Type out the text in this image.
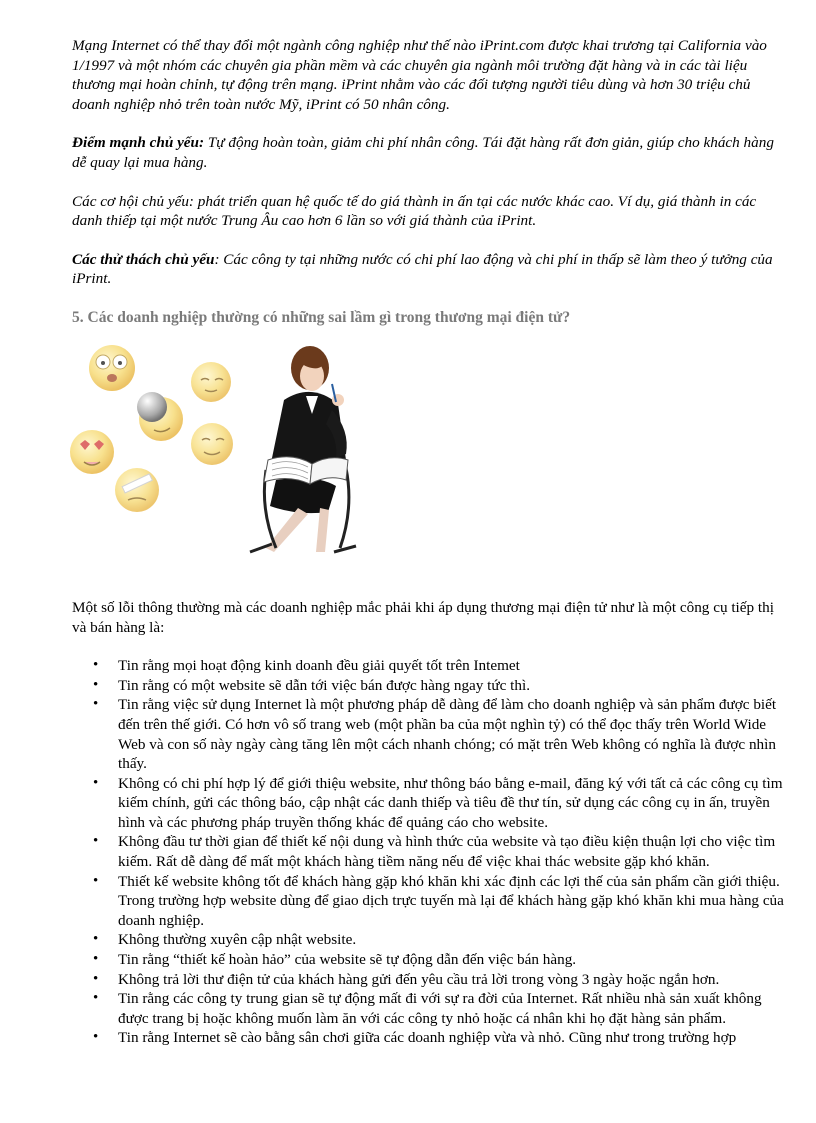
Mạng Internet có thể thay đổi một ngành công nghiệp như thế nào iPrint.com được khai trương tại California vào 1/1997 và một nhóm các chuyên gia phần mềm và các chuyên gia ngành môi trường đặt hàng và in các tài liệu thương mại hoàn chỉnh, tự động trên mạng. iPrint nhằm vào các đối tượng người tiêu dùng và hơn 30 triệu chủ doanh nghiệp nhỏ trên toàn nước Mỹ, iPrint có 50 nhân công.

Điểm mạnh chủ yếu: Tự động hoàn toàn, giảm chi phí nhân công. Tái đặt hàng rất đơn giản, giúp cho khách hàng dễ quay lại mua hàng.

Các cơ hội chủ yếu: phát triển quan hệ quốc tế do giá thành in ấn tại các nước khác cao. Ví dụ, giá thành in các danh thiếp tại một nước Trung Âu cao hơn 6 lần so với giá thành của iPrint.

Các thử thách chủ yếu: Các công ty tại những nước có chi phí lao động và chi phí in thấp sẽ làm theo ý tưởng của iPrint.

5. Các doanh nghiệp thường có những sai lầm gì trong thương mại điện tử?

Một số lỗi thông thường mà các doanh nghiệp mắc phải khi áp dụng thương mại điện tử như là một công cụ tiếp thị và bán hàng là:

• Tin rằng mọi hoạt động kinh doanh đều giải quyết tốt trên Intemet
• Tin rằng có một website sẽ dẫn tới việc bán được hàng ngay tức thì.
• Tin rằng việc sử dụng Internet là một phương pháp dễ dàng để làm cho doanh nghiệp và sản phẩm được biết đến trên thế giới. Có hơn vô số trang web (một phần ba của một nghìn tỷ) có thể đọc thấy trên World Wide Web và con số này ngày càng tăng lên một cách nhanh chóng; có mặt trên Web không có nghĩa là được nhìn thấy.
• Không có chi phí hợp lý để giới thiệu website, như thông báo bằng e-mail, đăng ký với tất cả các công cụ tìm kiếm chính, gửi các thông báo, cập nhật các danh thiếp và tiêu đề thư tín, sử dụng các công cụ in ấn, truyền hình và các phương pháp truyền thống khác để quảng cáo cho website.
• Không đầu tư thời gian để thiết kế nội dung và hình thức của website và tạo điều kiện thuận lợi cho việc tìm kiếm. Rất dễ dàng để mất một khách hàng tiềm năng nếu để việc khai thác website gặp khó khăn.
• Thiết kế website không tốt để khách hàng gặp khó khăn khi xác định các lợi thế của sản phẩm cần giới thiệu. Trong trường hợp website dùng để giao dịch trực tuyến mà lại để khách hàng gặp khó khăn khi mua hàng của doanh nghiệp.
• Không thường xuyên cập nhật website.
• Tin rằng “thiết kế hoàn hảo” của website sẽ tự động dẫn đến việc bán hàng.
• Không trả lời thư điện tử của khách hàng gửi đến yêu cầu trả lời trong vòng 3 ngày hoặc ngắn hơn.
• Tin rằng các công ty trung gian sẽ tự động mất đi với sự ra đời của Internet. Rất nhiều nhà sản xuất không được trang bị hoặc không muốn làm ăn với các công ty nhỏ hoặc cá nhân khi họ đặt hàng sản phẩm.
• Tin rằng Internet sẽ cào bằng sân chơi giữa các doanh nghiệp vừa và nhỏ. Cũng như trong trường hợp
